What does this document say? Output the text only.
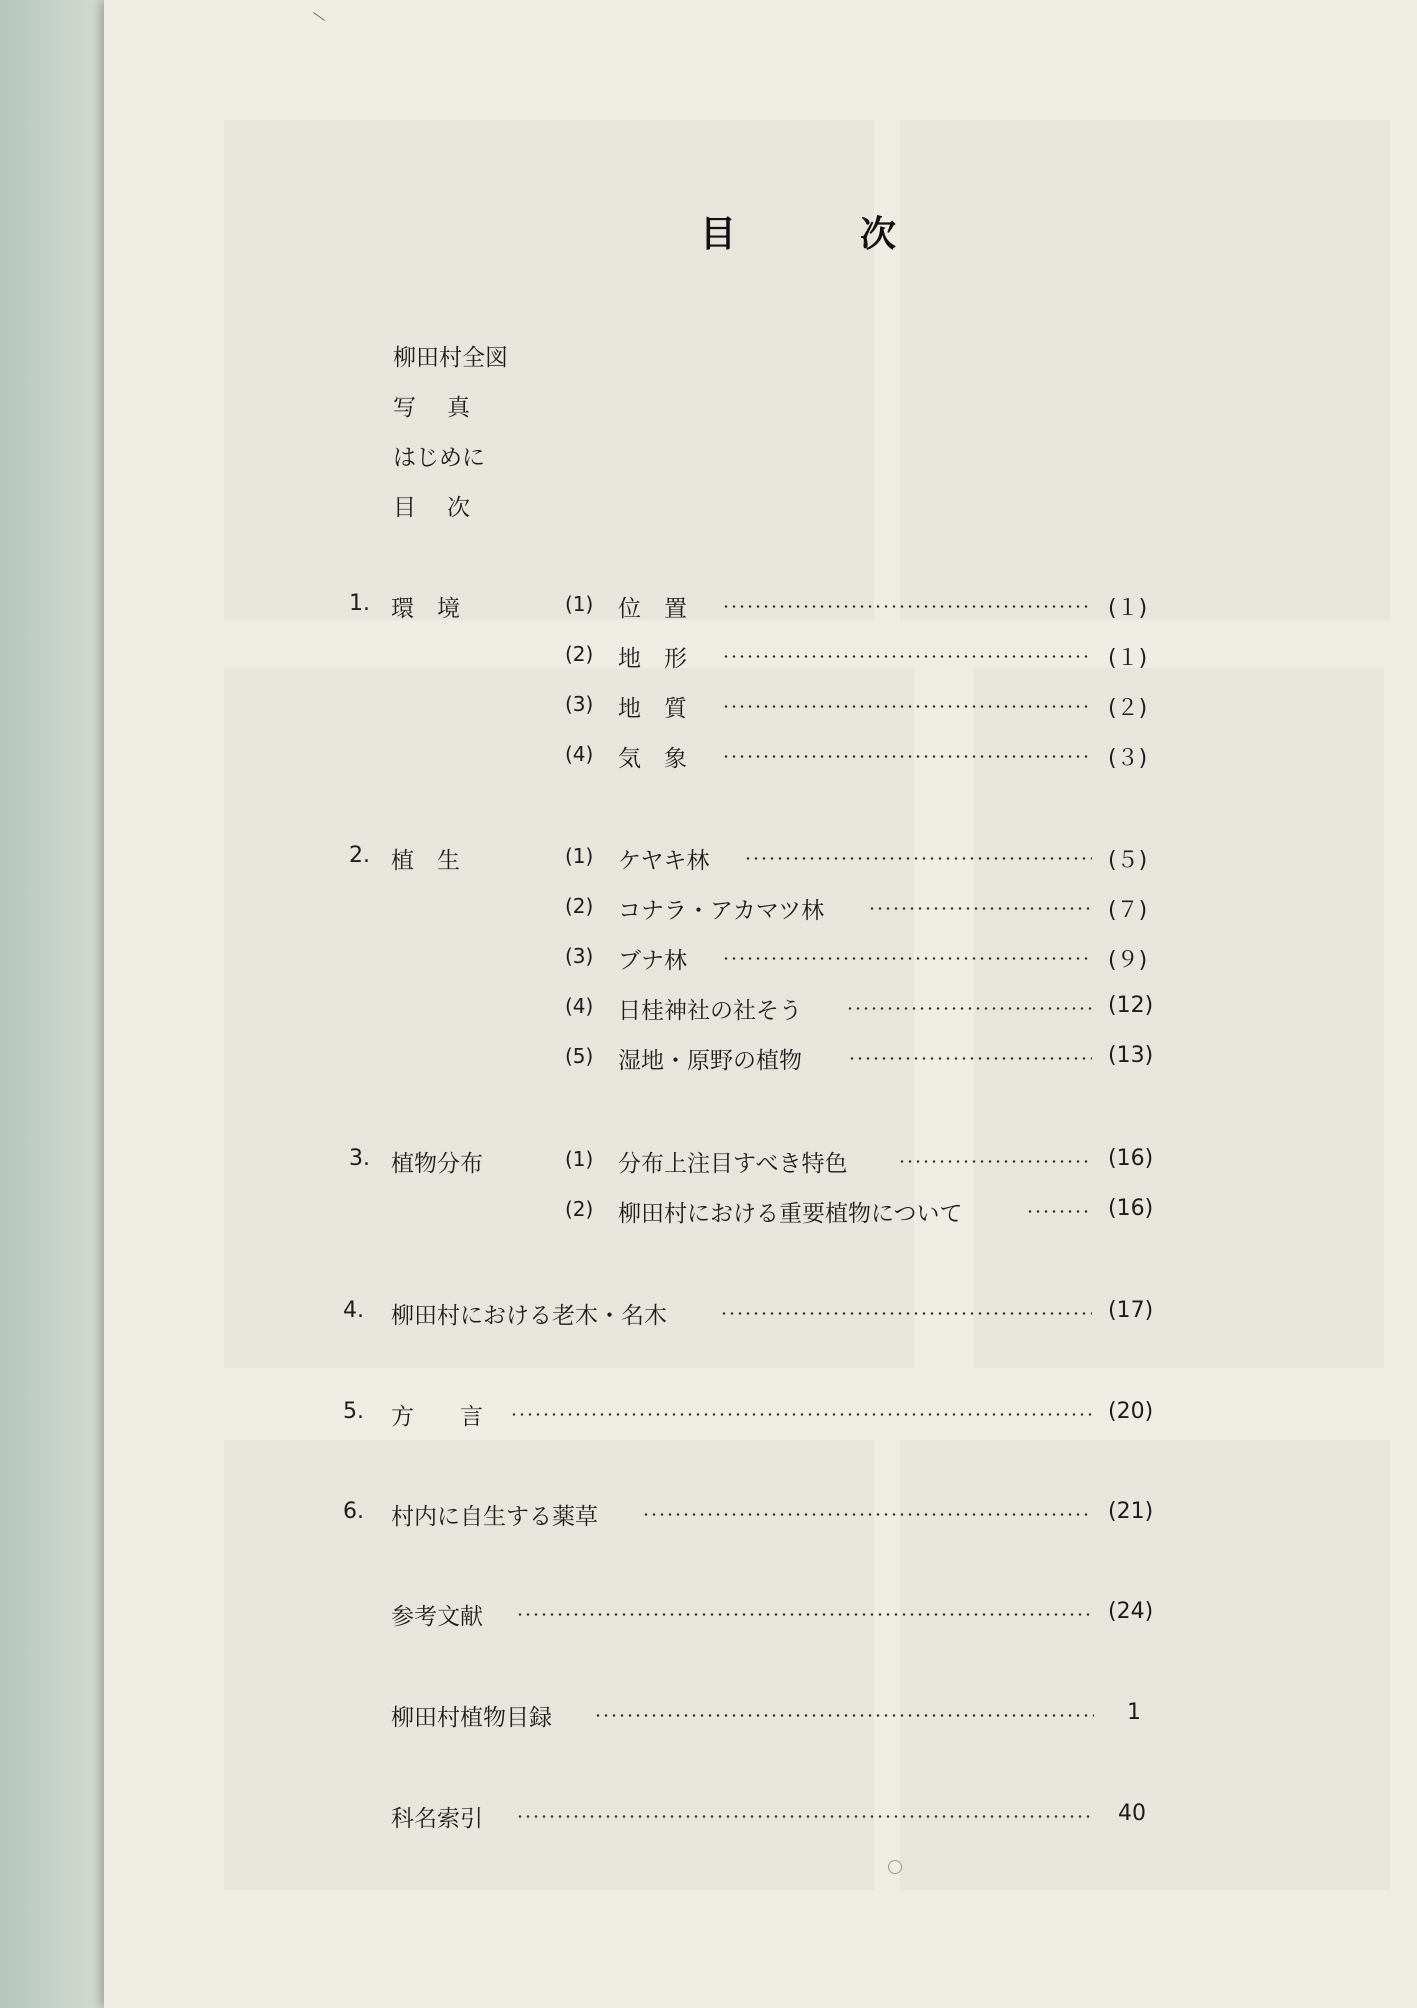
目	次
柳田村全図
写　真
はじめに
目　次
1. 環　境	(1) 位　置	(１)
(2) 地　形	(１)
(3) 地　質	(２)
(4) 気　象	(３)
2. 植　生	(1) ケヤキ林	(５)
(2) コナラ・アカマツ林	(７)
(3) ブナ林	(９)
(4) 日桂神社の社そう	(12)
(5) 湿地・原野の植物	(13)
3. 植物分布	(1) 分布上注目すべき特色	(16)
(2) 柳田村における重要植物について	(16)
4. 柳田村における老木・名木	(17)
5. 方　　言	(20)
6. 村内に自生する薬草	(21)
参考文献	(24)
柳田村植物目録	1
科名索引	40
